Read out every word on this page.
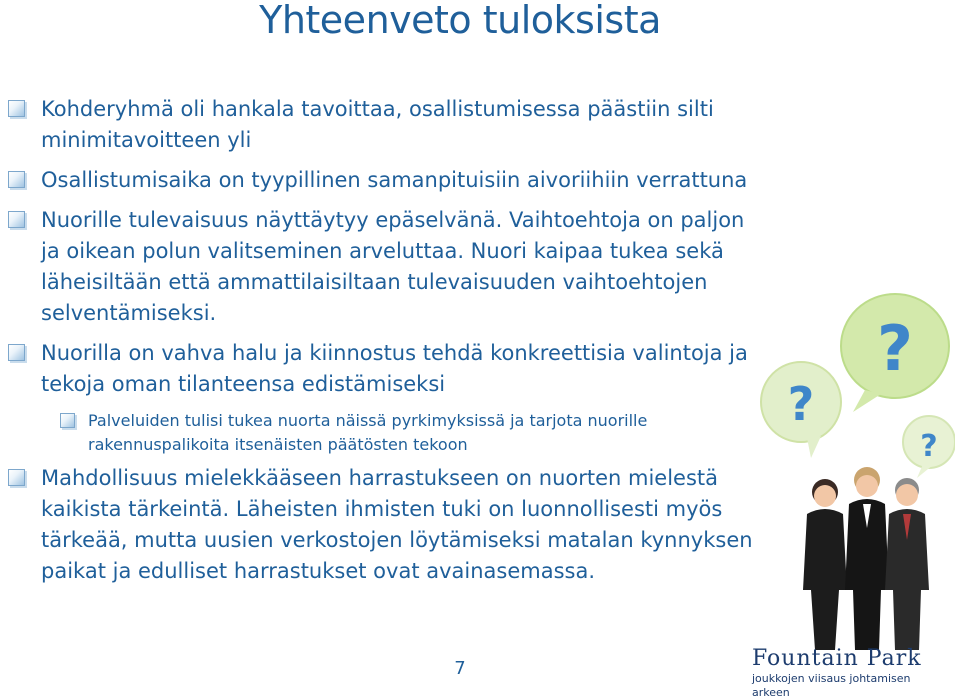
Yhteenveto tuloksista
Kohderyhmä oli hankala tavoittaa, osallistumisessa päästiin silti minimitavoitteen yli
Osallistumisaika on tyypillinen samanpituisiin aivoriihiin verrattuna
Nuorille tulevaisuus näyttäytyy epäselvänä. Vaihtoehtoja on paljon ja oikean polun valitseminen arveluttaa. Nuori kaipaa tukea sekä läheisiltään että ammattilaisiltaan tulevaisuuden vaihtoehtojen selventämiseksi.
Nuorilla on vahva halu ja kiinnostus tehdä konkreettisia valintoja ja tekoja oman tilanteensa edistämiseksi
Palveluiden tulisi tukea nuorta näissä pyrkimyksissä ja tarjota nuorille rakennuspalikoita itsenäisten päätösten tekoon
Mahdollisuus mielekkääseen harrastukseen on nuorten mielestä kaikista tärkeintä. Läheisten ihmisten tuki on luonnollisesti myös tärkeää, mutta uusien verkostojen löytämiseksi matalan kynnyksen paikat ja edulliset harrastukset ovat avainasemassa.
?
?
?
7	Fountain Park
joukkojen viisaus johtamisen arkeen
